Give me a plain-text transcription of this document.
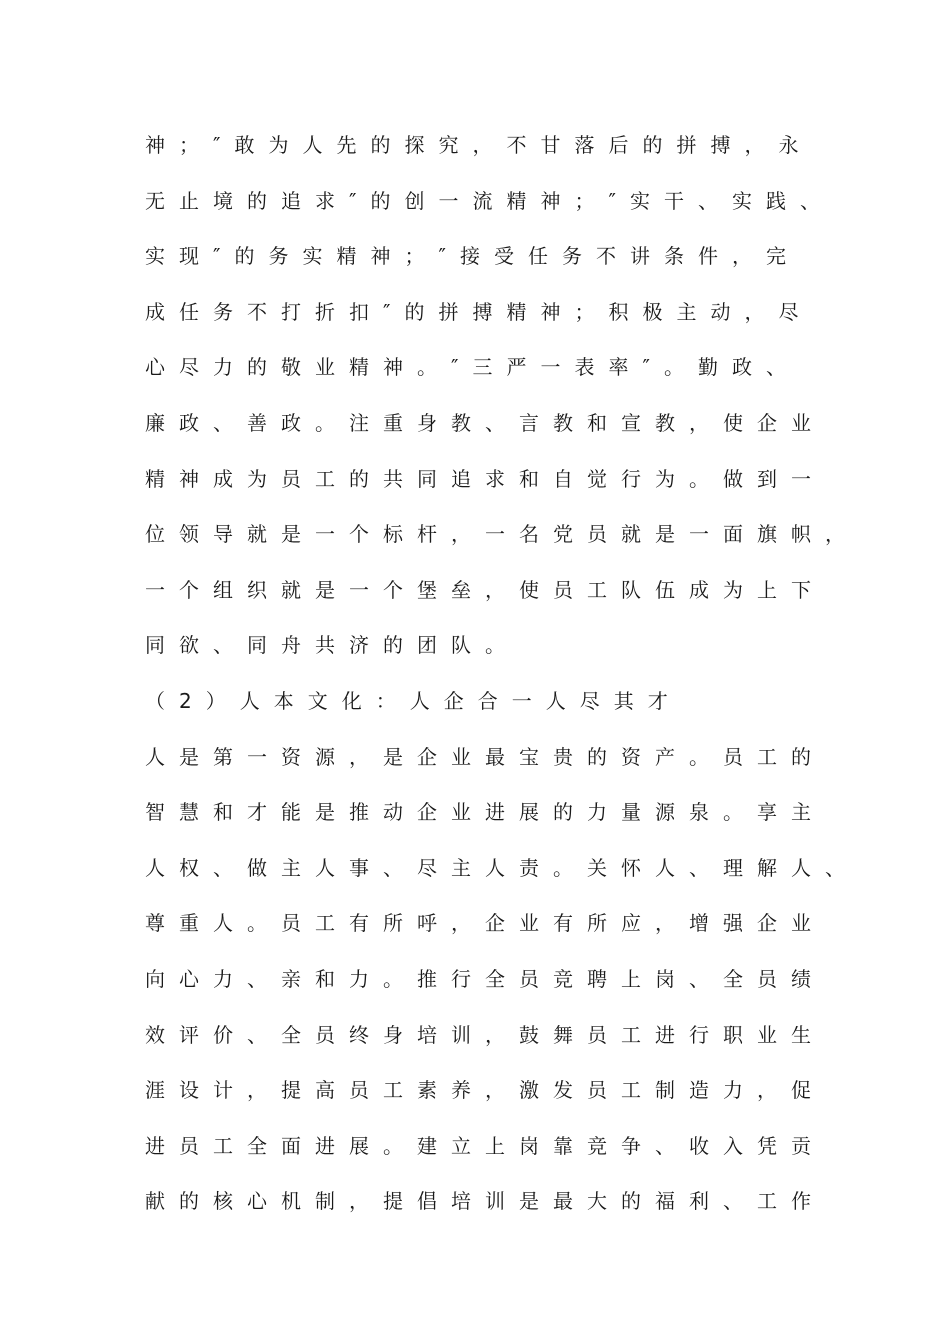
神；″敢为人先的探究，不甘落后的拼搏，永
无止境的追求″的创一流精神；″实干、实践、
实现″的务实精神；″接受任务不讲条件，完
成任务不打折扣″的拼搏精神；积极主动，尽
心尽力的敬业精神。″三严一表率″。勤政、
廉政、善政。注重身教、言教和宣教，使企业
精神成为员工的共同追求和自觉行为。做到一
位领导就是一个标杆，一名党员就是一面旗帜，
一个组织就是一个堡垒，使员工队伍成为上下
同欲、同舟共济的团队。
（2）人本文化：人企合一人尽其才
人是第一资源，是企业最宝贵的资产。员工的
智慧和才能是推动企业进展的力量源泉。享主
人权、做主人事、尽主人责。关怀人、理解人、
尊重人。员工有所呼，企业有所应，增强企业
向心力、亲和力。推行全员竞聘上岗、全员绩
效评价、全员终身培训，鼓舞员工进行职业生
涯设计，提高员工素养，激发员工制造力，促
进员工全面进展。建立上岗靠竞争、收入凭贡
献的核心机制，提倡培训是最大的福利、工作
